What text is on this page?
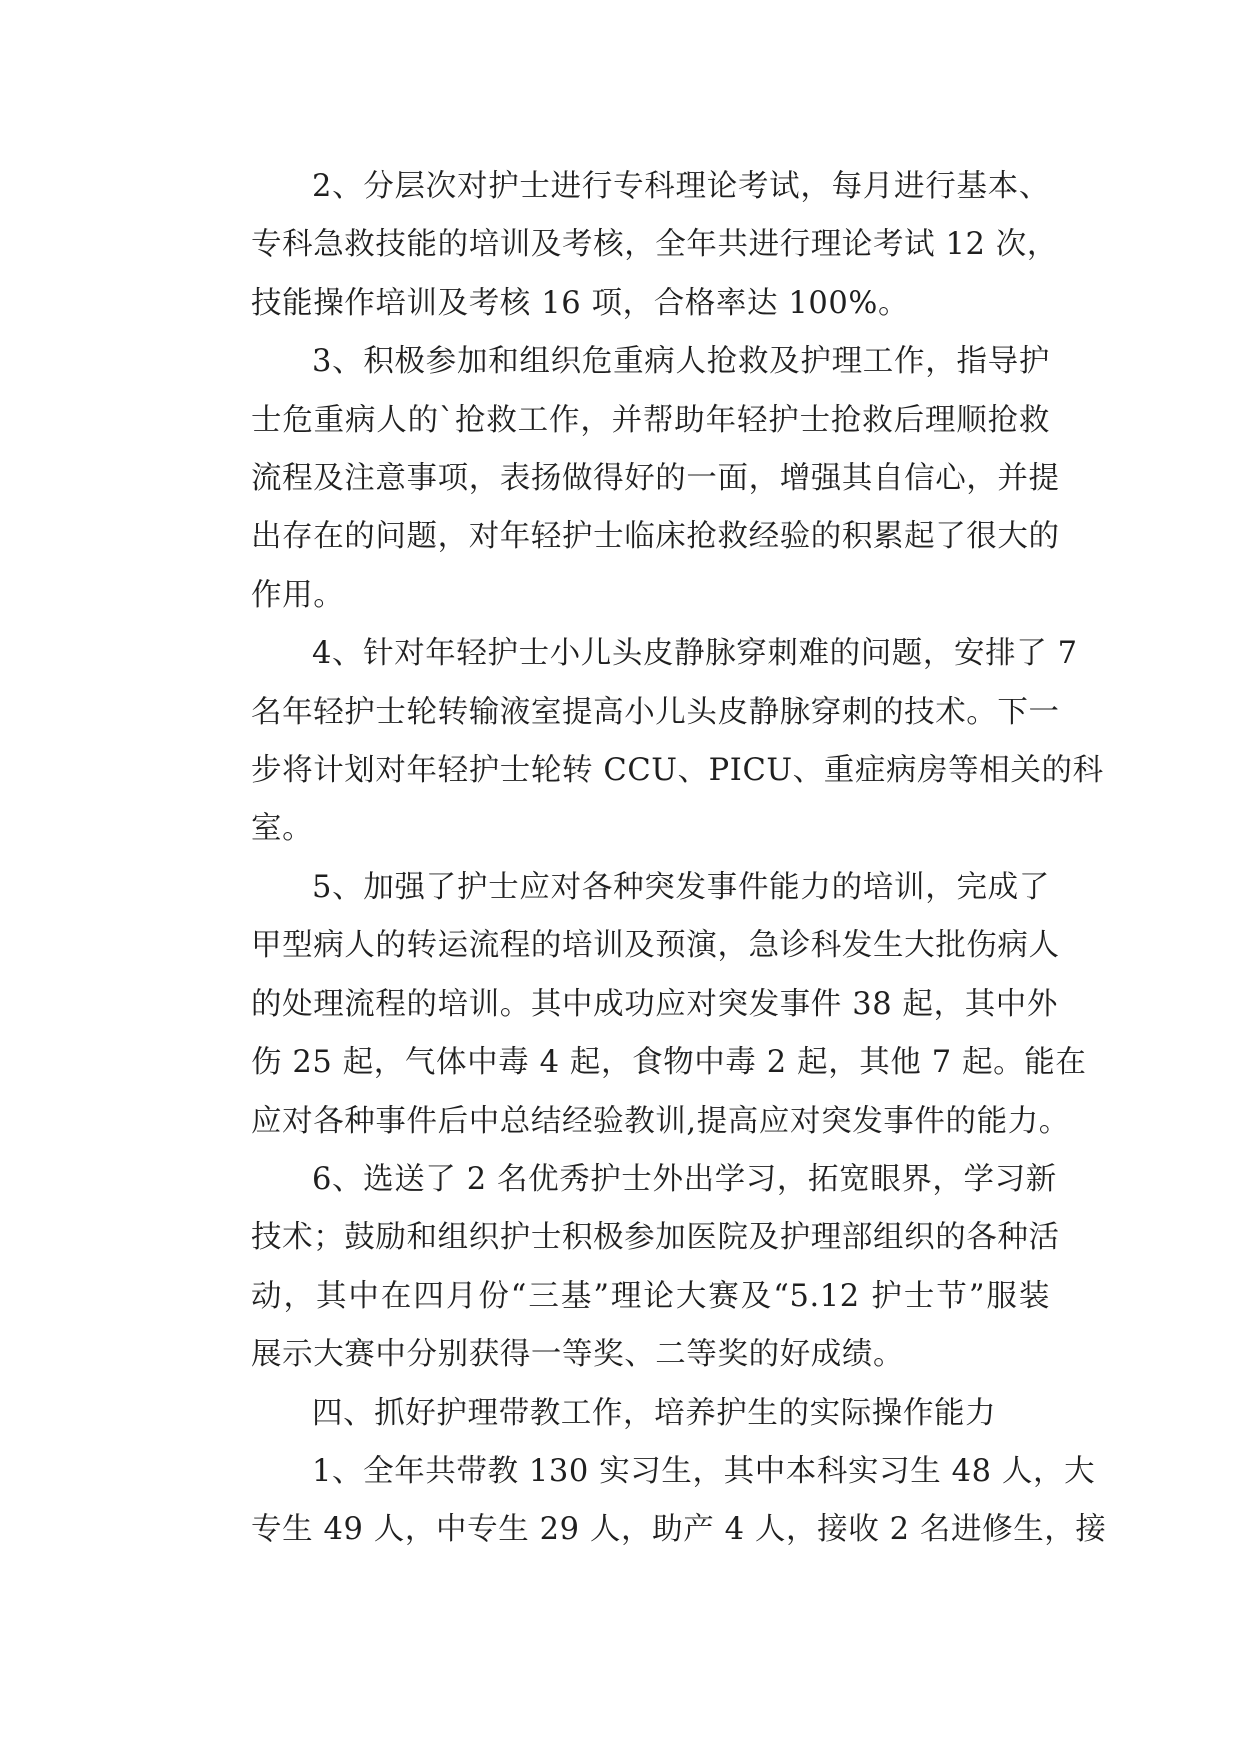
2、分层次对护士进行专科理论考试，每月进行基本、
专科急救技能的培训及考核，全年共进行理论考试 12 次，
技能操作培训及考核 16 项，合格率达 100%。
3、积极参加和组织危重病人抢救及护理工作，指导护
士危重病人的`抢救工作，并帮助年轻护士抢救后理顺抢救
流程及注意事项，表扬做得好的一面，增强其自信心，并提
出存在的问题，对年轻护士临床抢救经验的积累起了很大的
作用。
4、针对年轻护士小儿头皮静脉穿刺难的问题，安排了 7
名年轻护士轮转输液室提高小儿头皮静脉穿刺的技术。下一
步将计划对年轻护士轮转 CCU、PICU、重症病房等相关的科
室。
5、加强了护士应对各种突发事件能力的培训，完成了
甲型病人的转运流程的培训及预演，急诊科发生大批伤病人
的处理流程的培训。其中成功应对突发事件 38 起，其中外
伤 25 起，气体中毒 4 起，食物中毒 2 起，其他 7 起。能在
应对各种事件后中总结经验教训,提高应对突发事件的能力。
6、选送了 2 名优秀护士外出学习，拓宽眼界，学习新
技术；鼓励和组织护士积极参加医院及护理部组织的各种活
动，其中在四月份“三基”理论大赛及“5.12 护士节”服装
展示大赛中分别获得一等奖、二等奖的好成绩。
四、抓好护理带教工作，培养护生的实际操作能力
1、全年共带教 130 实习生，其中本科实习生 48 人，大
专生 49 人，中专生 29 人，助产 4 人，接收 2 名进修生，接
